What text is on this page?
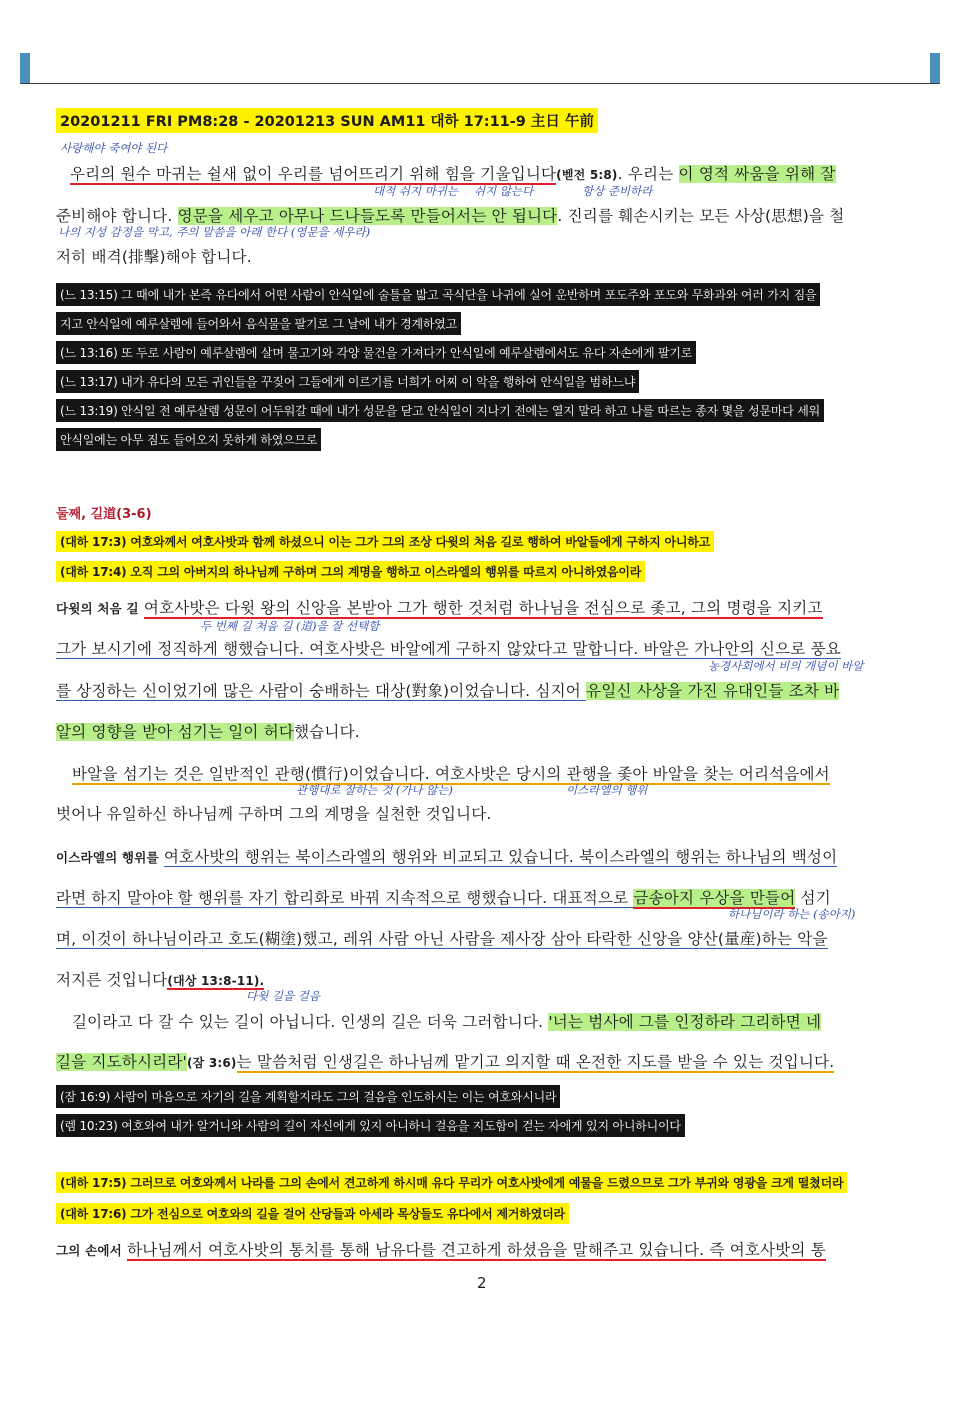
20201211 FRI PM8:28 - 20201213 SUN AM11 대하 17:11-9 主日 午前
사랑해야 죽여야 된다
우리의 원수 마귀는 쉴새 없이 우리를 넘어뜨리기 위해 힘을 기울입니다(벧전 5:8). 우리는 이 영적 싸움을 위해 잘
대적 쉬지 마귀는 쉬지 않는다	항상 준비하라
준비해야 합니다. 영문을 세우고 아무나 드나들도록 만들어서는 안 됩니다. 진리를 훼손시키는 모든 사상(思想)을 철
나의 지성 감정을 막고, 주의 말씀을 아래 한다 (영문을 세우라)
저히 배격(排擊)해야 합니다.
(느 13:15) 그 때에 내가 본즉 유다에서 어떤 사람이 안식일에 술틀을 밟고 곡식단을 나귀에 실어 운반하며 포도주와 포도와 무화과와 여러 가지 짐을
지고 안식일에 예루살렘에 들어와서 음식물을 팔기로 그 날에 내가 경계하였고
(느 13:16) 또 두로 사람이 예루살렘에 살며 물고기와 각양 물건을 가져다가 안식일에 예루살렘에서도 유다 자손에게 팔기로
(느 13:17) 내가 유다의 모든 귀인들을 꾸짖어 그들에게 이르기를 너희가 어찌 이 악을 행하여 안식일을 범하느냐
(느 13:19) 안식일 전 예루살렘 성문이 어두워갈 때에 내가 성문을 닫고 안식일이 지나기 전에는 열지 말라 하고 나를 따르는 종자 몇을 성문마다 세워
안식일에는 아무 짐도 들어오지 못하게 하였으므로
둘째, 길道(3-6)
(대하 17:3) 여호와께서 여호사밧과 함께 하셨으니 이는 그가 그의 조상 다윗의 처음 길로 행하여 바알들에게 구하지 아니하고
(대하 17:4) 오직 그의 아버지의 하나님께 구하며 그의 계명을 행하고 이스라엘의 행위를 따르지 아니하였음이라
다윗의 처음 길 여호사밧은 다윗 왕의 신앙을 본받아 그가 행한 것처럼 하나님을 전심으로 좇고, 그의 명령을 지키고
두 번째 길 처음 길 (道)을 잘 선택함
그가 보시기에 정직하게 행했습니다. 여호사밧은 바알에게 구하지 않았다고 말합니다. 바알은 가나안의 신으로 풍요
농경사회에서 비의 개념이 바알
를 상징하는 신이었기에 많은 사람이 숭배하는 대상(對象)이었습니다. 심지어 유일신 사상을 가진 유대인들 조차 바
알의 영향을 받아 섬기는 일이 허다했습니다.
바알을 섬기는 것은 일반적인 관행(慣行)이었습니다. 여호사밧은 당시의 관행을 좇아 바알을 찾는 어리석음에서
관행대로 잘하는 것 (가나 않는)	이스라엘의 행위
벗어나 유일하신 하나님께 구하며 그의 계명을 실천한 것입니다.
이스라엘의 행위를 여호사밧의 행위는 북이스라엘의 행위와 비교되고 있습니다. 북이스라엘의 행위는 하나님의 백성이
라면 하지 말아야 할 행위를 자기 합리화로 바꿔 지속적으로 행했습니다. 대표적으로 금송아지 우상을 만들어 섬기
하나님이라 하는 (송아지)
며, 이것이 하나님이라고 호도(糊塗)했고, 레위 사람 아닌 사람을 제사장 삼아 타락한 신앙을 양산(量産)하는 악을
저지른 것입니다(대상 13:8-11).
다윗 길을 걸음
길이라고 다 갈 수 있는 길이 아닙니다. 인생의 길은 더욱 그러합니다. '너는 범사에 그를 인정하라 그리하면 네
길을 지도하시리라'(잠 3:6)는 말씀처럼 인생길은 하나님께 맡기고 의지할 때 온전한 지도를 받을 수 있는 것입니다.
(잠 16:9) 사람이 마음으로 자기의 길을 계획할지라도 그의 걸음을 인도하시는 이는 여호와시니라
(렘 10:23) 여호와여 내가 알거니와 사람의 길이 자신에게 있지 아니하니 걸음을 지도함이 걷는 자에게 있지 아니하니이다
(대하 17:5) 그러므로 여호와께서 나라를 그의 손에서 견고하게 하시매 유다 무리가 여호사밧에게 예물을 드렸으므로 그가 부귀와 영광을 크게 떨쳤더라
(대하 17:6) 그가 전심으로 여호와의 길을 걸어 산당들과 아세라 목상들도 유다에서 제거하였더라
그의 손에서 하나님께서 여호사밧의 통치를 통해 남유다를 견고하게 하셨음을 말해주고 있습니다. 즉 여호사밧의 통
2
